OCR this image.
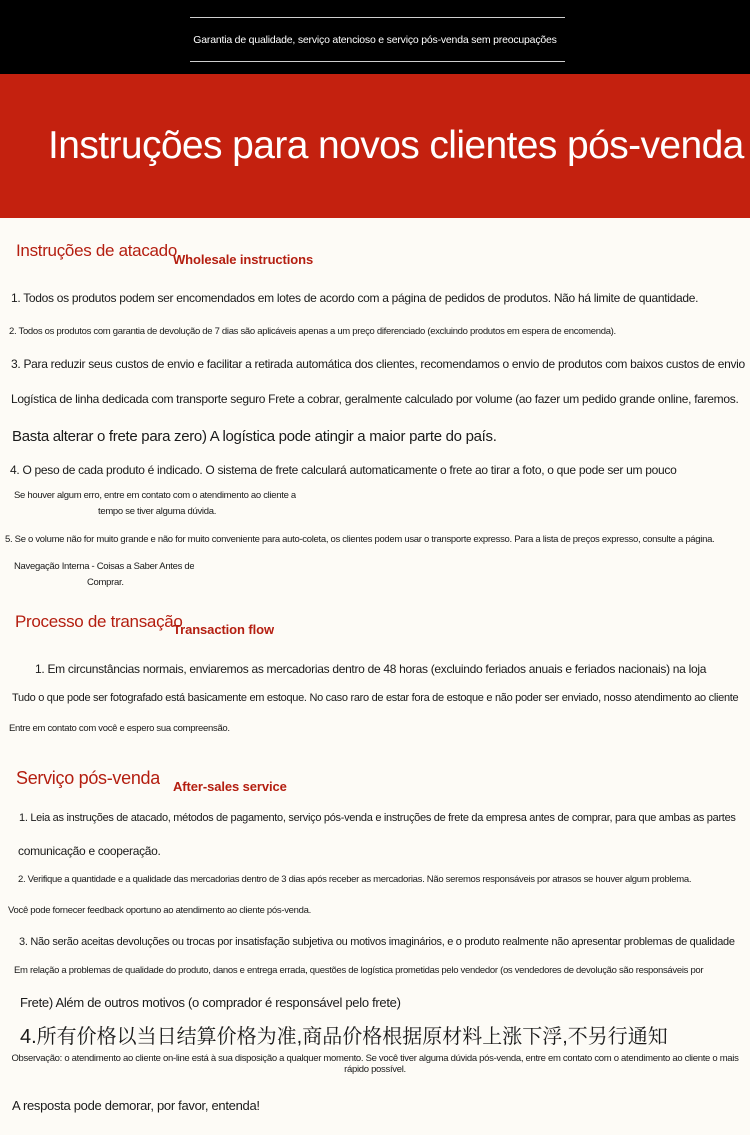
Garantia de qualidade, serviço atencioso e serviço pós-venda sem preocupações
Instruções para novos clientes pós-venda
Instruções de atacado
Wholesale instructions
1. Todos os produtos podem ser encomendados em lotes de acordo com a página de pedidos de produtos. Não há limite de quantidade.
2. Todos os produtos com garantia de devolução de 7 dias são aplicáveis apenas a um preço diferenciado (excluindo produtos em espera de encomenda).
3. Para reduzir seus custos de envio e facilitar a retirada automática dos clientes, recomendamos o envio de produtos com baixos custos de envio
Logística de linha dedicada com transporte seguro Frete a cobrar, geralmente calculado por volume (ao fazer um pedido grande online, faremos.
Basta alterar o frete para zero) A logística pode atingir a maior parte do país.
4. O peso de cada produto é indicado. O sistema de frete calculará automaticamente o frete ao tirar a foto, o que pode ser um pouco
Se houver algum erro, entre em contato com o atendimento ao cliente a
tempo se tiver alguma dúvida.
5. Se o volume não for muito grande e não for muito conveniente para auto-coleta, os clientes podem usar o transporte expresso. Para a lista de preços expresso, consulte a página.
Navegação Interna - Coisas a Saber Antes de
Comprar.
Processo de transação
Transaction flow
1. Em circunstâncias normais, enviaremos as mercadorias dentro de 48 horas (excluindo feriados anuais e feriados nacionais) na loja
Tudo o que pode ser fotografado está basicamente em estoque. No caso raro de estar fora de estoque e não poder ser enviado, nosso atendimento ao cliente
Entre em contato com você e espero sua compreensão.
Serviço pós-venda After-sales service
1. Leia as instruções de atacado, métodos de pagamento, serviço pós-venda e instruções de frete da empresa antes de comprar, para que ambas as partes
comunicação e cooperação.
2. Verifique a quantidade e a qualidade das mercadorias dentro de 3 dias após receber as mercadorias. Não seremos responsáveis por atrasos se houver algum problema.
Você pode fornecer feedback oportuno ao atendimento ao cliente pós-venda.
3. Não serão aceitas devoluções ou trocas por insatisfação subjetiva ou motivos imaginários, e o produto realmente não apresentar problemas de qualidade
Em relação a problemas de qualidade do produto, danos e entrega errada, questões de logística prometidas pelo vendedor (os vendedores de devolução são responsáveis por
Frete) Além de outros motivos (o comprador é responsável pelo frete)
4.所有价格以当日结算价格为准,商品价格根据原材料上涨下浮,不另行通知
Observação: o atendimento ao cliente on-line está à sua disposição a qualquer momento. Se você tiver alguma dúvida pós-venda, entre em contato com o atendimento ao cliente o mais rápido possível.
A resposta pode demorar, por favor, entenda!
